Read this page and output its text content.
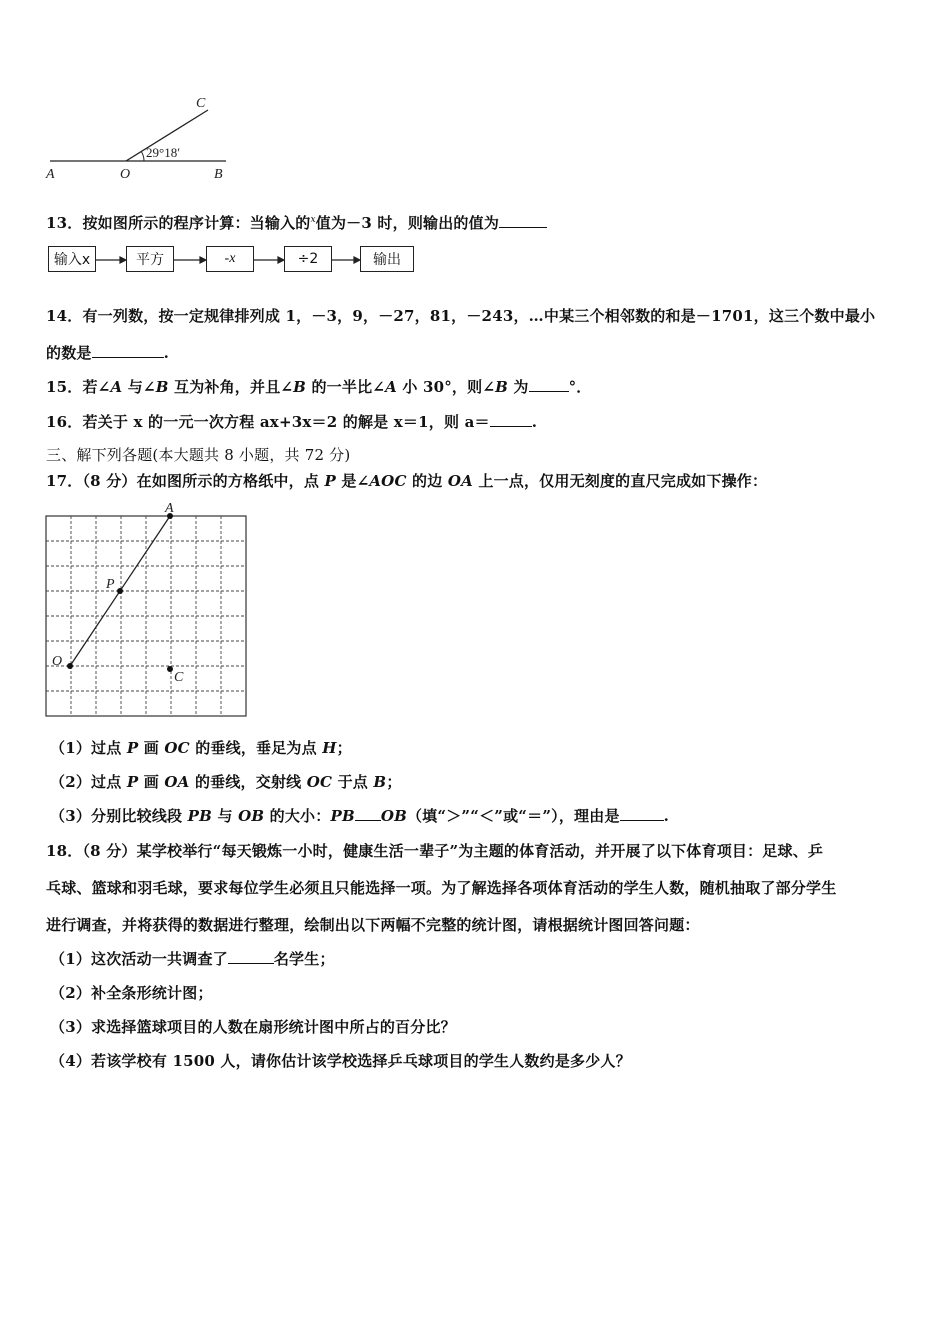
C
29°18′
A	O	B
13．按如图所示的程序计算：当输入的$^x$值为－3 时，则输出的值为
输入x	平方	-x	÷2	输出
14．有一列数，按一定规律排列成 1，－3，9，－27，81，－243，…中某三个相邻数的和是－1701，这三个数中最小
的数是	.
15．若∠A 与∠B 互为补角，并且∠B 的一半比∠A 小 30°，则∠B 为	°．
16．若关于 x 的一元一次方程 ax+3x＝2 的解是 x＝1，则 a＝	.
三、解下列各题(本大题共 8 小题，共 72 分)
17．（8 分）在如图所示的方格纸中，点 P 是∠AOC 的边 OA 上一点，仅用无刻度的直尺完成如下操作：
A
P
O
C
（1）过点 P 画 OC 的垂线，垂足为点 H；
（2）过点 P 画 OA 的垂线，交射线 OC 于点 B；
（3）分别比较线段 PB 与 OB 的大小：PB OB（填“＞”“＜”或“＝”），理由是	.
18．（8 分）某学校举行“每天锻炼一小时，健康生活一辈子”为主题的体育活动，并开展了以下体育项目：足球、乒
乓球、篮球和羽毛球，要求每位学生必须且只能选择一项。为了解选择各项体育活动的学生人数，随机抽取了部分学生
进行调查，并将获得的数据进行整理，绘制出以下两幅不完整的统计图，请根据统计图回答问题：
（1）这次活动一共调查了	名学生；
（2）补全条形统计图；
（3）求选择篮球项目的人数在扇形统计图中所占的百分比？
（4）若该学校有 1500 人，请你估计该学校选择乒乓球项目的学生人数约是多少人？
